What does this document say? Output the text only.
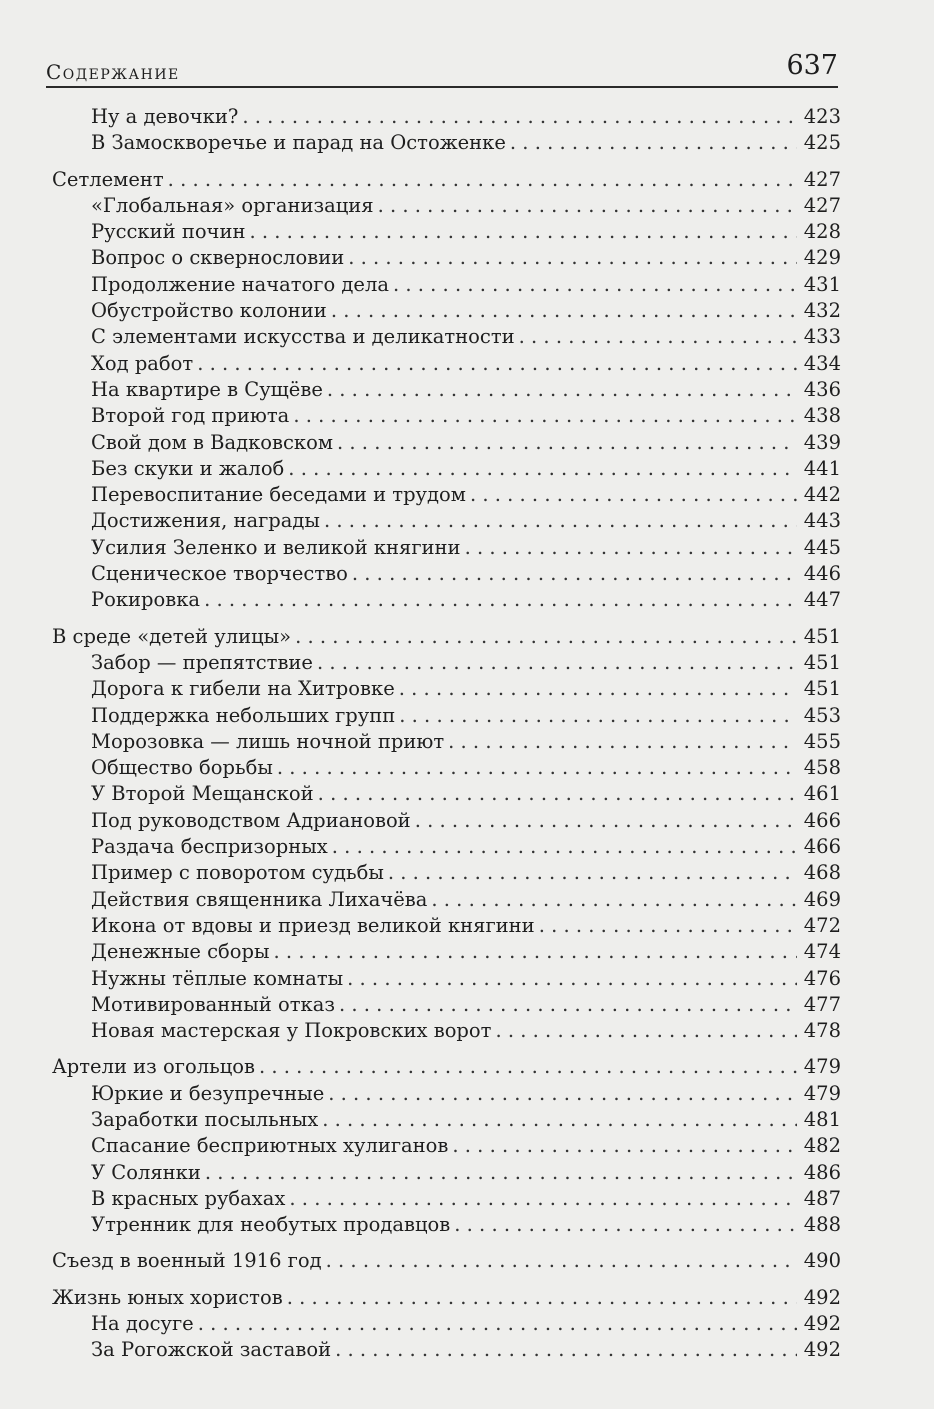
Содержание	637
Ну а девочки? . . .	423
В Замоскворечье и парад на Остоженке . . .	425
Сетлемент . . .	427
«Глобальная» организация . . .	427
Русский почин . . .	428
Вопрос о сквернословии . . .	429
Продолжение начатого дела . . .	431
Обустройство колонии . . .	432
С элементами искусства и деликатности . . .	433
Ход работ . . .	434
На квартире в Сущёве . . .	436
Второй год приюта . . .	438
Свой дом в Вадковском . . .	439
Без скуки и жалоб . . .	441
Перевоспитание беседами и трудом . . .	442
Достижения, награды . . .	443
Усилия Зеленко и великой княгини . . .	445
Сценическое творчество . . .	446
Рокировка . . .	447
В среде «детей улицы» . . .	451
Забор — препятствие . . .	451
Дорога к гибели на Хитровке . . .	451
Поддержка небольших групп . . .	453
Морозовка — лишь ночной приют . . .	455
Общество борьбы . . .	458
У Второй Мещанской . . .	461
Под руководством Адриановой . . .	466
Раздача беспризорных . . .	466
Пример с поворотом судьбы . . .	468
Действия священника Лихачёва . . .	469
Икона от вдовы и приезд великой княгини . . .	472
Денежные сборы . . .	474
Нужны тёплые комнаты . . .	476
Мотивированный отказ . . .	477
Новая мастерская у Покровских ворот . . .	478
Артели из огольцов . . .	479
Юркие и безупречные . . .	479
Заработки посыльных . . .	481
Спасание бесприютных хулиганов . . .	482
У Солянки . . .	486
В красных рубахах . . .	487
Утренник для необутых продавцов . . .	488
Съезд в военный 1916 год . . .	490
Жизнь юных хористов . . .	492
На досуге . . .	492
За Рогожской заставой . . .	492
